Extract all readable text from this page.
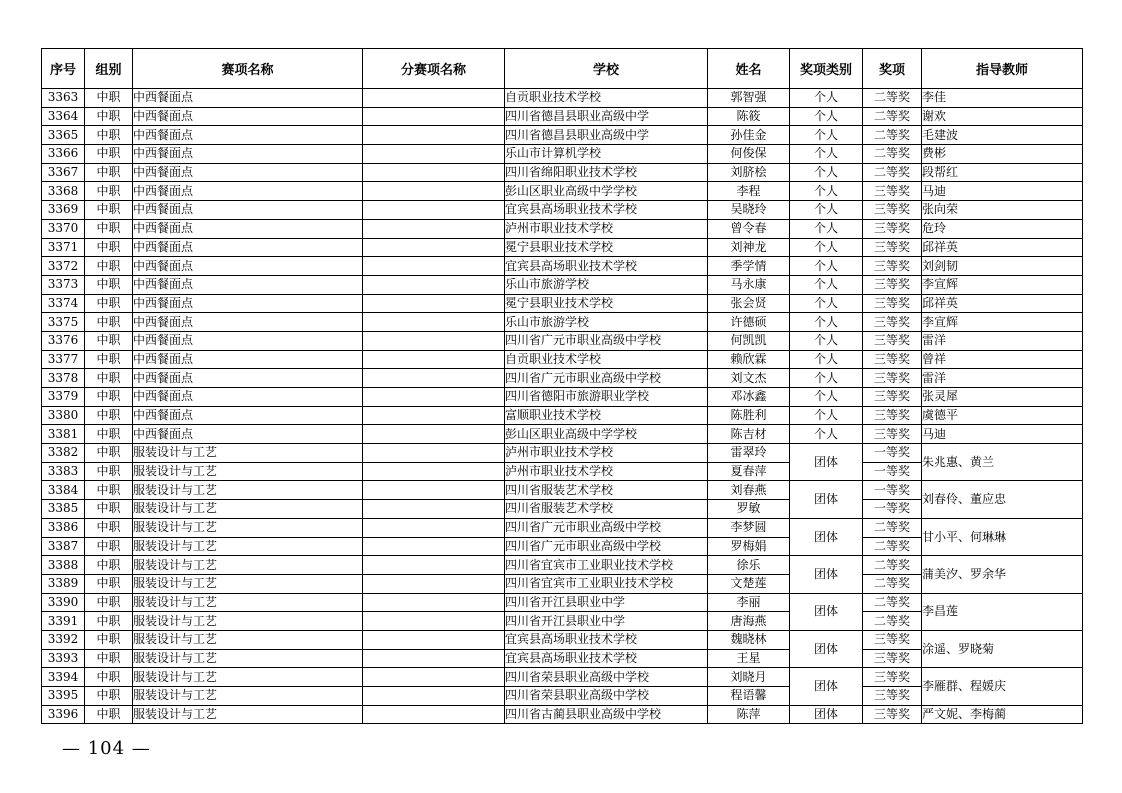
序号	组别	赛项名称	分赛项名称	学校	姓名	奖项类别	奖项	指导教师
3363	中职	中西餐面点		自贡职业技术学校	郭智强	个人	二等奖	李佳
3364	中职	中西餐面点		四川省德昌县职业高级中学	陈筱	个人	二等奖	谢欢
3365	中职	中西餐面点		四川省德昌县职业高级中学	孙佳金	个人	二等奖	毛建波
3366	中职	中西餐面点		乐山市计算机学校	何俊保	个人	二等奖	费彬
3367	中职	中西餐面点		四川省绵阳职业技术学校	刘脐桧	个人	二等奖	段帮红
3368	中职	中西餐面点		彭山区职业高级中学学校	李程	个人	三等奖	马迪
3369	中职	中西餐面点		宜宾县高场职业技术学校	吴晓玲	个人	三等奖	张向荣
3370	中职	中西餐面点		泸州市职业技术学校	曾令春	个人	三等奖	危玲
3371	中职	中西餐面点		冕宁县职业技术学校	刘神龙	个人	三等奖	邱祥英
3372	中职	中西餐面点		宜宾县高场职业技术学校	季学情	个人	三等奖	刘剑韧
3373	中职	中西餐面点		乐山市旅游学校	马永康	个人	三等奖	李宣辉
3374	中职	中西餐面点		冕宁县职业技术学校	张会贤	个人	三等奖	邱祥英
3375	中职	中西餐面点		乐山市旅游学校	许德硕	个人	三等奖	李宣辉
3376	中职	中西餐面点		四川省广元市职业高级中学校	何凯凯	个人	三等奖	雷洋
3377	中职	中西餐面点		自贡职业技术学校	赖欣霖	个人	三等奖	曾祥
3378	中职	中西餐面点		四川省广元市职业高级中学校	刘文杰	个人	三等奖	雷洋
3379	中职	中西餐面点		四川省德阳市旅游职业学校	邓冰鑫	个人	三等奖	张灵犀
3380	中职	中西餐面点		富顺职业技术学校	陈胜利	个人	三等奖	虞德平
3381	中职	中西餐面点		彭山区职业高级中学学校	陈吉材	个人	三等奖	马迪
3382	中职	服装设计与工艺		泸州市职业技术学校	雷翠玲	团体	一等奖	朱兆惠、黄兰
3383	中职	服装设计与工艺		泸州市职业技术学校	夏春萍		一等奖	
3384	中职	服装设计与工艺		四川省服装艺术学校	刘春燕	团体	一等奖	刘春伶、董应忠
3385	中职	服装设计与工艺		四川省服装艺术学校	罗敏		一等奖	
3386	中职	服装设计与工艺		四川省广元市职业高级中学校	李梦圆	团体	二等奖	甘小平、何琳琳
3387	中职	服装设计与工艺		四川省广元市职业高级中学校	罗梅娟		二等奖	
3388	中职	服装设计与工艺		四川省宜宾市工业职业技术学校	徐乐	团体	二等奖	蒲美汐、罗余华
3389	中职	服装设计与工艺		四川省宜宾市工业职业技术学校	文楚莲		二等奖	
3390	中职	服装设计与工艺		四川省开江县职业中学	李丽	团体	二等奖	李昌莲
3391	中职	服装设计与工艺		四川省开江县职业中学	唐海燕		二等奖	
3392	中职	服装设计与工艺		宜宾县高场职业技术学校	魏晓林	团体	三等奖	涂遥、罗晓菊
3393	中职	服装设计与工艺		宜宾县高场职业技术学校	王星		三等奖	
3394	中职	服装设计与工艺		四川省荣县职业高级中学校	刘晓月	团体	三等奖	李雁群、程媛庆
3395	中职	服装设计与工艺		四川省荣县职业高级中学校	程语馨		三等奖	
3396	中职	服装设计与工艺		四川省古蔺县职业高级中学校	陈萍	团体	三等奖	严文妮、李梅蔺
— 104 —
